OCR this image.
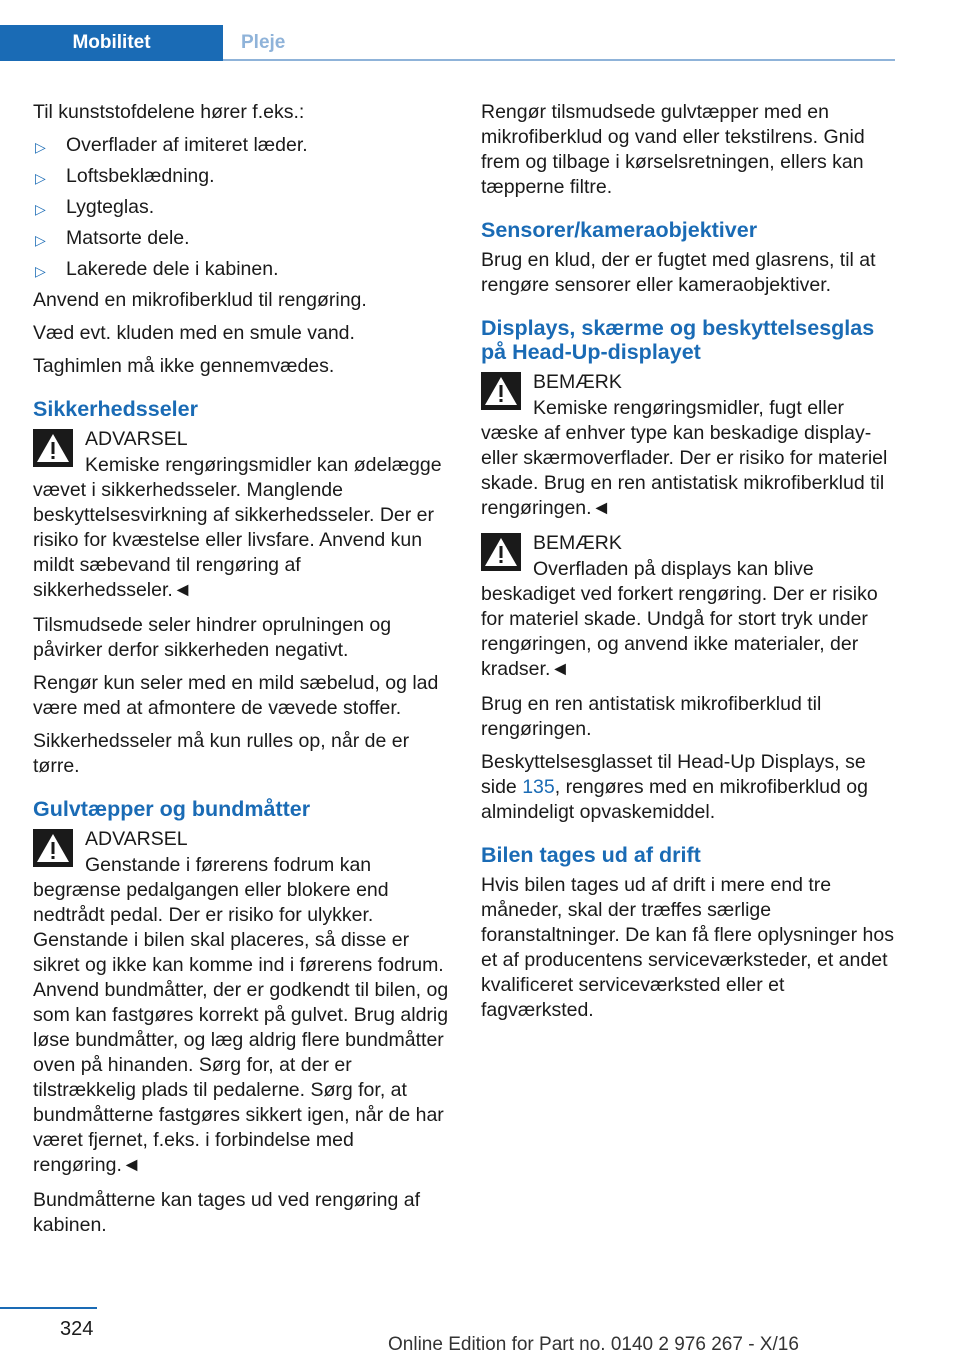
Mobilitet	Pleje

Til kunststofdelene hører f.eks.:

▷ Overflader af imiteret læder.
▷ Loftsbeklædning.
▷ Lygteglas.
▷ Matsorte dele.
▷ Lakerede dele i kabinen.

Anvend en mikrofiberklud til rengøring.

Væd evt. kluden med en smule vand.

Taghimlen må ikke gennemvædes.

Sikkerhedsseler
ADVARSEL
Kemiske rengøringsmidler kan ødelægge vævet i sikkerhedsseler. Manglende beskyttelsesvirkning af sikkerhedsseler. Der er risiko for kvæstelse eller livsfare. Anvend kun mildt sæbevand til rengøring af sikkerhedsseler.◄

Tilsmudsede seler hindrer oprulningen og påvirker derfor sikkerheden negativt.

Rengør kun seler med en mild sæbelud, og lad være med at afmontere de vævede stoffer.

Sikkerhedsseler må kun rulles op, når de er tørre.

Gulvtæpper og bundmåtter
ADVARSEL
Genstande i førerens fodrum kan begrænse pedalgangen eller blokere end nedtrådt pedal. Der er risiko for ulykker. Genstande i bilen skal placeres, så disse er sikret og ikke kan komme ind i førerens fodrum. Anvend bundmåtter, der er godkendt til bilen, og som kan fastgøres korrekt på gulvet. Brug aldrig løse bundmåtter, og læg aldrig flere bundmåtter oven på hinanden. Sørg for, at der er tilstrækkelig plads til pedalerne. Sørg for, at bundmåtterne fastgøres sikkert igen, når de har været fjernet, f.eks. i forbindelse med rengøring.◄

Bundmåtterne kan tages ud ved rengøring af kabinen.

Rengør tilsmudsede gulvtæpper med en mikrofiberklud og vand eller tekstilrens. Gnid frem og tilbage i kørselsretningen, ellers kan tæpperne filtre.

Sensorer/kameraobjektiver

Brug en klud, der er fugtet med glasrens, til at rengøre sensorer eller kameraobjektiver.

Displays, skærme og beskyttelsesglas på Head-Up-displayet
BEMÆRK
Kemiske rengøringsmidler, fugt eller væske af enhver type kan beskadige display- eller skærmoverflader. Der er risiko for materiel skade. Brug en ren antistatisk mikrofiberklud til rengøringen.◄
BEMÆRK
Overfladen på displays kan blive beskadiget ved forkert rengøring. Der er risiko for materiel skade. Undgå for stort tryk under rengøringen, og anvend ikke materialer, der kradser.◄

Brug en ren antistatisk mikrofiberklud til rengøringen.

Beskyttelsesglasset til Head-Up Displays, se side 135, rengøres med en mikrofiberklud og almindeligt opvaskemiddel.

Bilen tages ud af drift

Hvis bilen tages ud af drift i mere end tre måneder, skal der træffes særlige foranstaltninger. De kan få flere oplysninger hos et af producentens serviceværksteder, et andet kvalificeret serviceværksted eller et fagværksted.

324
Online Edition for Part no. 0140 2 976 267 - X/16
